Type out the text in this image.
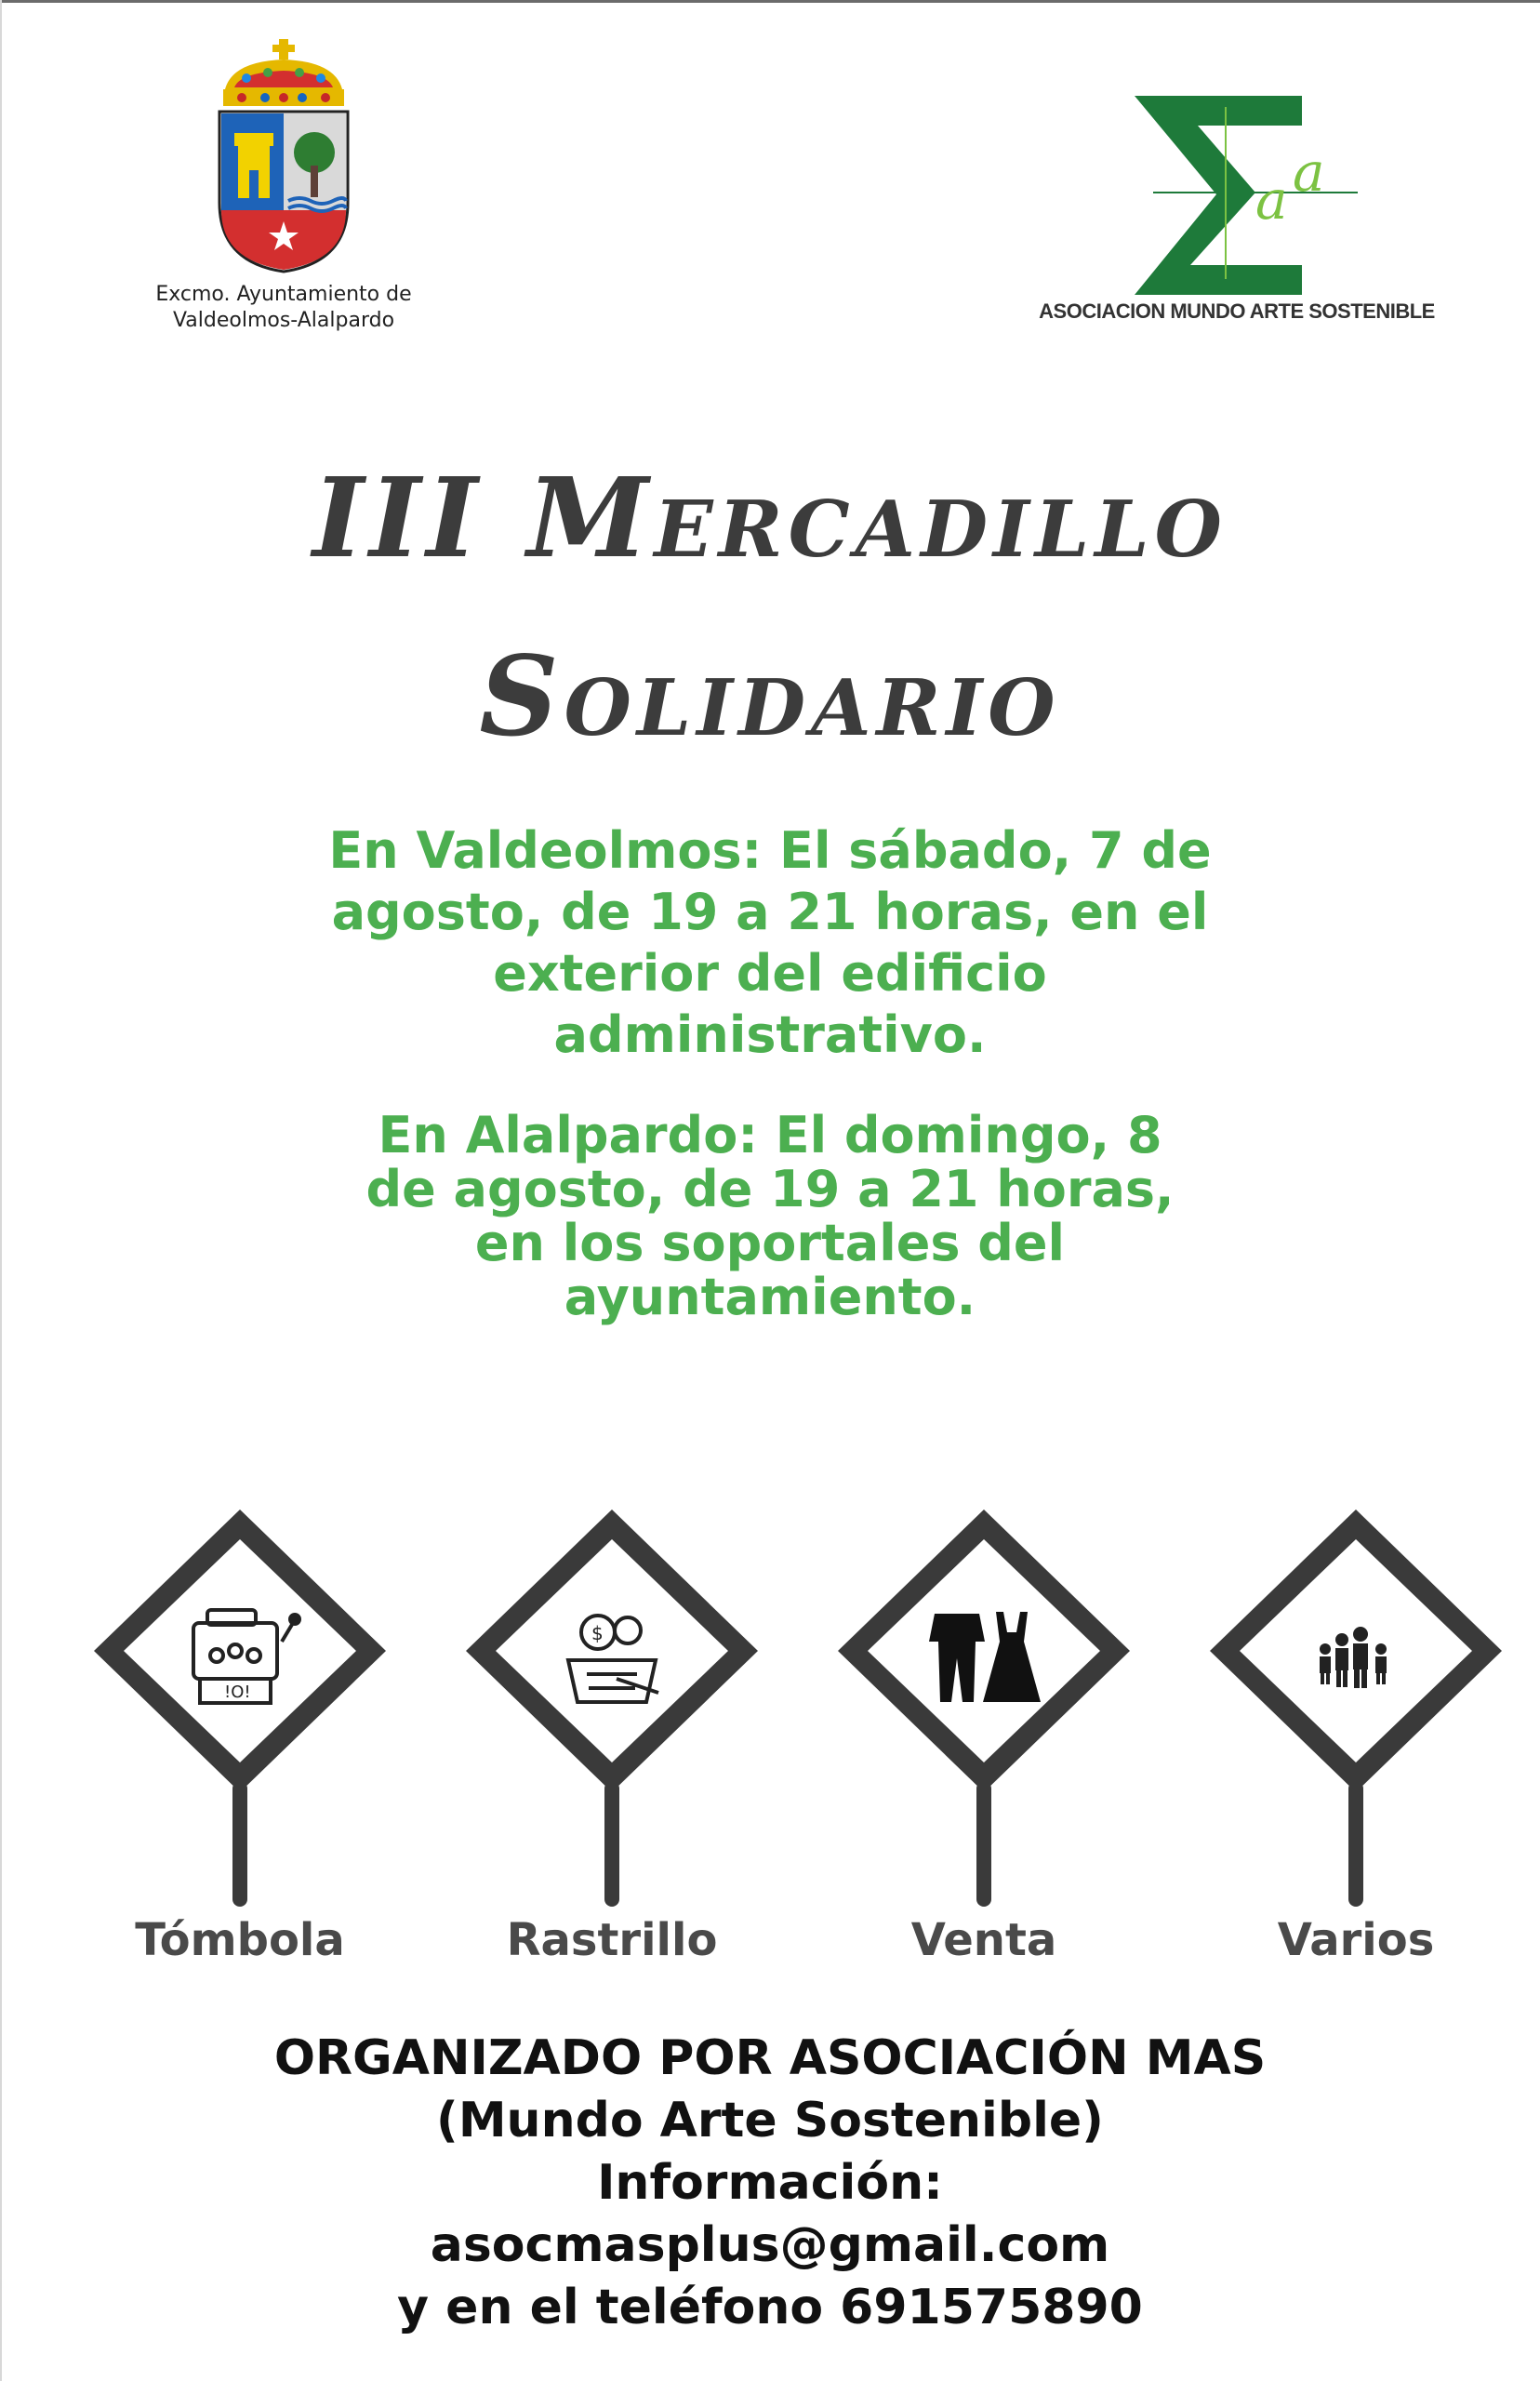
Excmo. Ayuntamiento de
Valdeolmos-Alalpardo
a a
ASOCIACION MUNDO ARTE SOSTENIBLE
III Mercadillo
Solidario
En Valdeolmos: El sábado, 7 de
agosto, de 19 a 21 horas, en el
exterior del edificio
administrativo.
En Alalpardo: El domingo, 8
de agosto, de 19 a 21 horas,
en los soportales del
ayuntamiento.
!O!
Tómbola
$
Rastrillo	Venta	Varios
ORGANIZADO POR ASOCIACIÓN MAS
(Mundo Arte Sostenible)
Información:
asocmasplus@gmail.com
y en el teléfono 691575890
